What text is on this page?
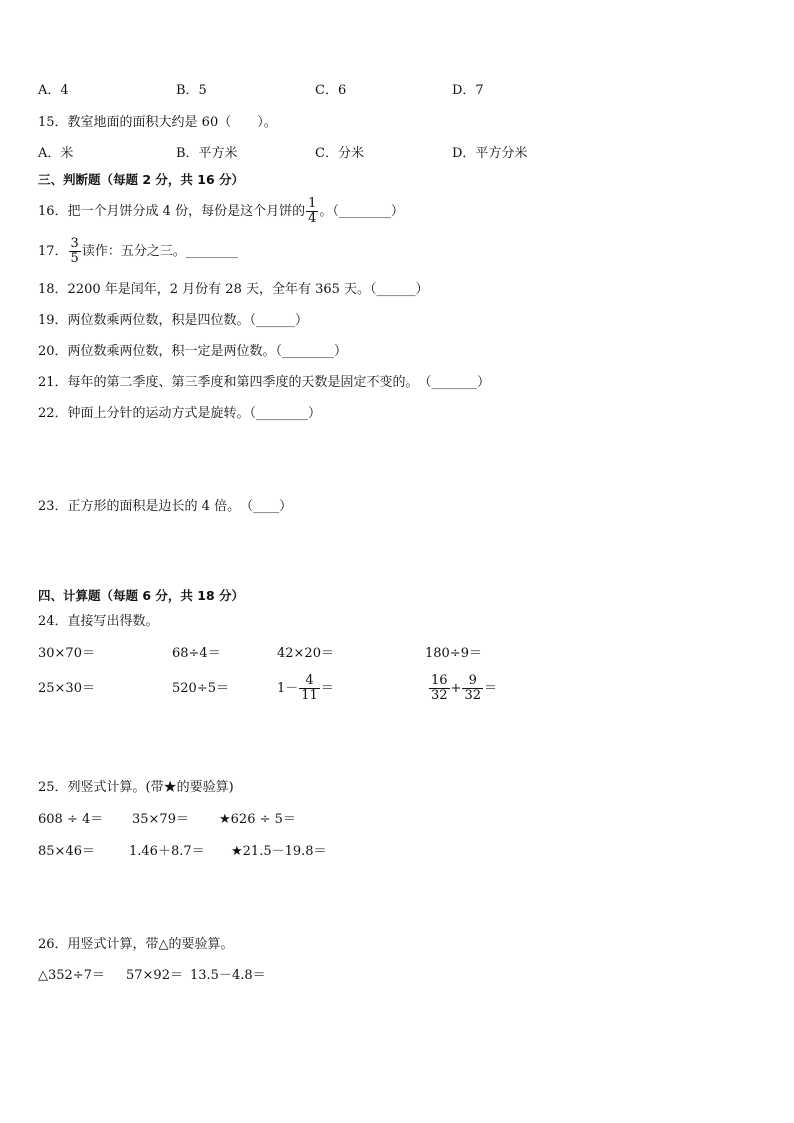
A．4	B．5	C．6	D．7
15．教室地面的面积大约是 60（　　）。
A．米	B．平方米	C．分米	D．平方分米
三、判断题（每题 2 分，共 16 分）
16．把一个月饼分成 4 份，每份是这个月饼的 $\frac{1}{4}$ 。（________）
17． $\frac{3}{5}$ 读作：五分之三。________
18．2200 年是闰年，2 月份有 28 天，全年有 365 天。（______）
19．两位数乘两位数，积是四位数。（______）
20．两位数乘两位数，积一定是两位数。（________）
21．每年的第二季度、第三季度和第四季度的天数是固定不变的。　（_______）
22．钟面上分针的运动方式是旋转。（________）
23．正方形的面积是边长的 4 倍。　（____）
四、计算题（每题 6 分，共 18 分）
24．直接写出得数。
30×70＝	68÷4＝	42×20＝	180÷9＝
25×30＝	520÷5＝	$1- \frac{4}{11}$ ＝	$\frac{16}{32} + \frac{9}{32}$ ＝
25．列竖式计算。(带★的要验算)
608 ÷ 4＝ 35×79＝ ★626 ÷ 5＝
85×46＝	1.46＋8.7＝ ★21.5－19.8＝
26．用竖式计算，带△的要验算。
△352÷7＝ 57×92＝ 13.5－4.8＝
